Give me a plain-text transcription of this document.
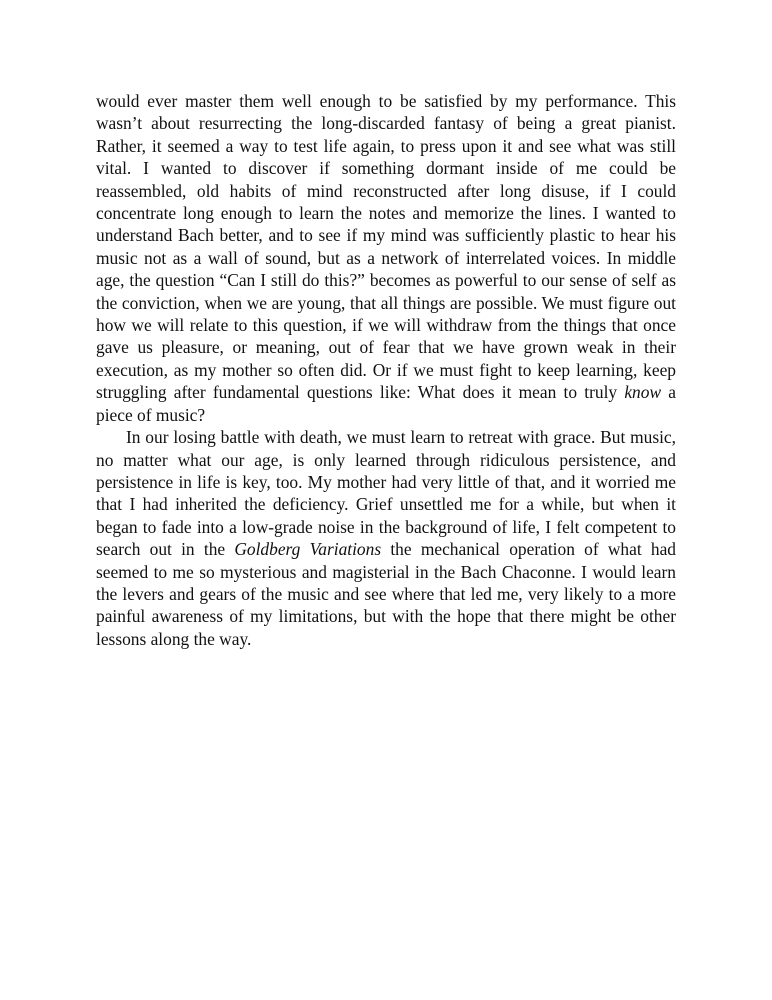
would ever master them well enough to be satisfied by my performance. This wasn’t about resurrecting the long-discarded fantasy of being a great pianist. Rather, it seemed a way to test life again, to press upon it and see what was still vital. I wanted to discover if something dormant inside of me could be reassembled, old habits of mind reconstructed after long disuse, if I could concentrate long enough to learn the notes and memorize the lines. I wanted to understand Bach better, and to see if my mind was sufficiently plastic to hear his music not as a wall of sound, but as a network of interrelated voices. In middle age, the question “Can I still do this?” becomes as powerful to our sense of self as the conviction, when we are young, that all things are possible. We must figure out how we will relate to this question, if we will withdraw from the things that once gave us pleasure, or meaning, out of fear that we have grown weak in their execution, as my mother so often did. Or if we must fight to keep learning, keep struggling after fundamental questions like: What does it mean to truly know a piece of music?

In our losing battle with death, we must learn to retreat with grace. But music, no matter what our age, is only learned through ridiculous persistence, and persistence in life is key, too. My mother had very little of that, and it worried me that I had inherited the deficiency. Grief unsettled me for a while, but when it began to fade into a low-grade noise in the background of life, I felt competent to search out in the Goldberg Variations the mechanical operation of what had seemed to me so mysterious and magisterial in the Bach Chaconne. I would learn the levers and gears of the music and see where that led me, very likely to a more painful awareness of my limitations, but with the hope that there might be other lessons along the way.
